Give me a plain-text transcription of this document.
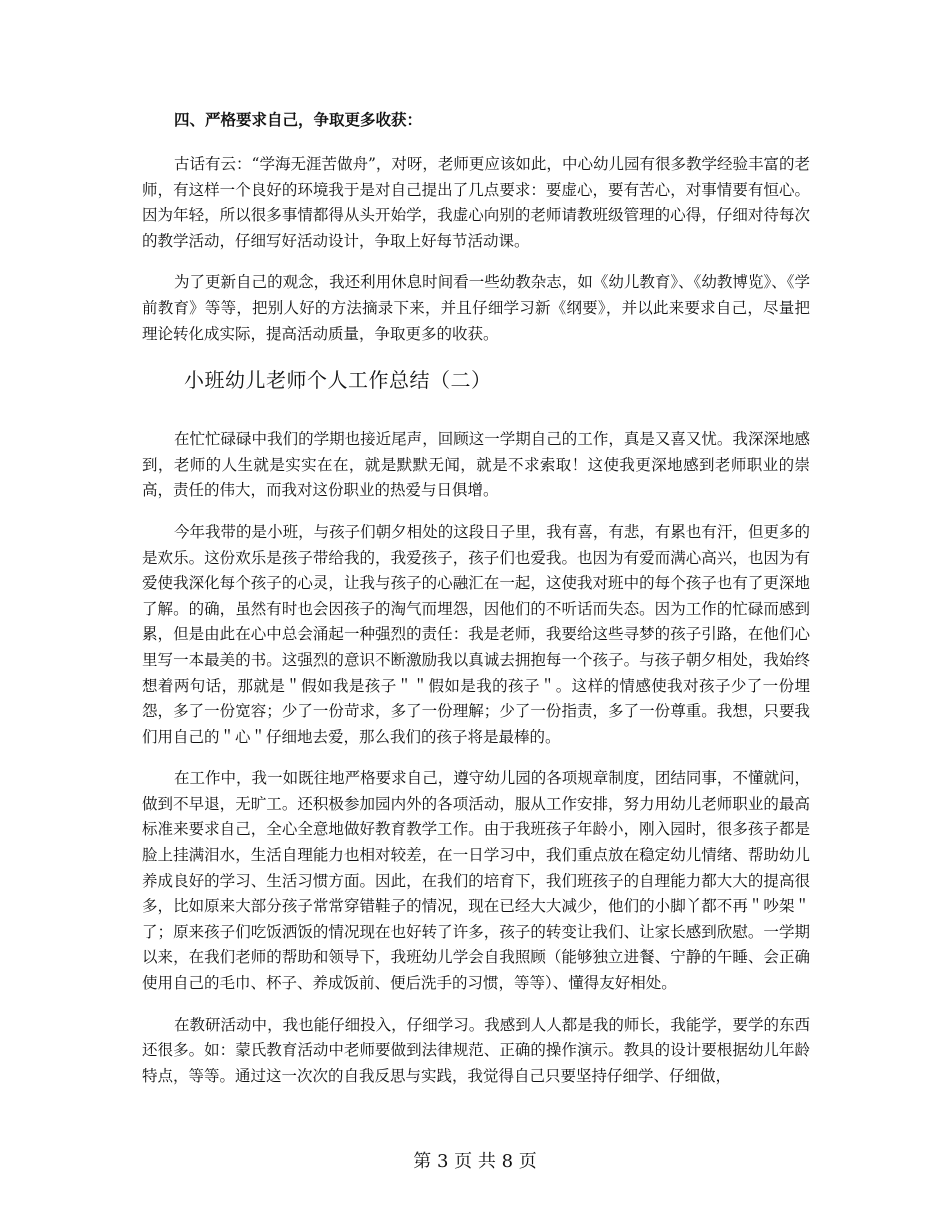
四、严格要求自己，争取更多收获：

古话有云：“学海无涯苦做舟”，对呀，老师更应该如此，中心幼儿园有很多教学经验丰富的老师，有这样一个良好的环境我于是对自己提出了几点要求：要虚心，要有苦心，对事情要有恒心。因为年轻，所以很多事情都得从头开始学，我虚心向别的老师请教班级管理的心得，仔细对待每次的教学活动，仔细写好活动设计，争取上好每节活动课。

为了更新自己的观念，我还利用休息时间看一些幼教杂志，如《幼儿教育》、《幼教博览》、《学前教育》等等，把别人好的方法摘录下来，并且仔细学习新《纲要》，并以此来要求自己，尽量把理论转化成实际，提高活动质量，争取更多的收获。

小班幼儿老师个人工作总结（二）

在忙忙碌碌中我们的学期也接近尾声，回顾这一学期自己的工作，真是又喜又忧。我深深地感到，老师的人生就是实实在在，就是默默无闻，就是不求索取！这使我更深地感到老师职业的崇高，责任的伟大，而我对这份职业的热爱与日俱增。

今年我带的是小班，与孩子们朝夕相处的这段日子里，我有喜，有悲，有累也有汗，但更多的是欢乐。这份欢乐是孩子带给我的，我爱孩子，孩子们也爱我。也因为有爱而满心高兴，也因为有爱使我深化每个孩子的心灵，让我与孩子的心融汇在一起，这使我对班中的每个孩子也有了更深地了解。的确，虽然有时也会因孩子的淘气而埋怨，因他们的不听话而失态。因为工作的忙碌而感到累，但是由此在心中总会涌起一种强烈的责任：我是老师，我要给这些寻梦的孩子引路，在他们心里写一本最美的书。这强烈的意识不断激励我以真诚去拥抱每一个孩子。与孩子朝夕相处，我始终想着两句话，那就是＂假如我是孩子＂＂假如是我的孩子＂。这样的情感使我对孩子少了一份埋怨，多了一份宽容；少了一份苛求，多了一份理解；少了一份指责，多了一份尊重。我想，只要我们用自己的＂心＂仔细地去爱，那么我们的孩子将是最棒的。

在工作中，我一如既往地严格要求自己，遵守幼儿园的各项规章制度，团结同事，不懂就问，做到不早退，无旷工。还积极参加园内外的各项活动，服从工作安排，努力用幼儿老师职业的最高标准来要求自己，全心全意地做好教育教学工作。由于我班孩子年龄小，刚入园时，很多孩子都是脸上挂满泪水，生活自理能力也相对较差，在一日学习中，我们重点放在稳定幼儿情绪、帮助幼儿养成良好的学习、生活习惯方面。因此，在我们的培育下，我们班孩子的自理能力都大大的提高很多，比如原来大部分孩子常常穿错鞋子的情况，现在已经大大减少，他们的小脚丫都不再＂吵架＂了；原来孩子们吃饭洒饭的情况现在也好转了许多，孩子的转变让我们、让家长感到欣慰。一学期以来，在我们老师的帮助和领导下，我班幼儿学会自我照顾（能够独立进餐、宁静的午睡、会正确使用自己的毛巾、杯子、养成饭前、便后洗手的习惯，等等）、懂得友好相处。

在教研活动中，我也能仔细投入，仔细学习。我感到人人都是我的师长，我能学，要学的东西还很多。如：蒙氏教育活动中老师要做到法律规范、正确的操作演示。教具的设计要根据幼儿年龄特点，等等。通过这一次次的自我反思与实践，我觉得自己只要坚持仔细学、仔细做，

第 3 页 共 8 页
